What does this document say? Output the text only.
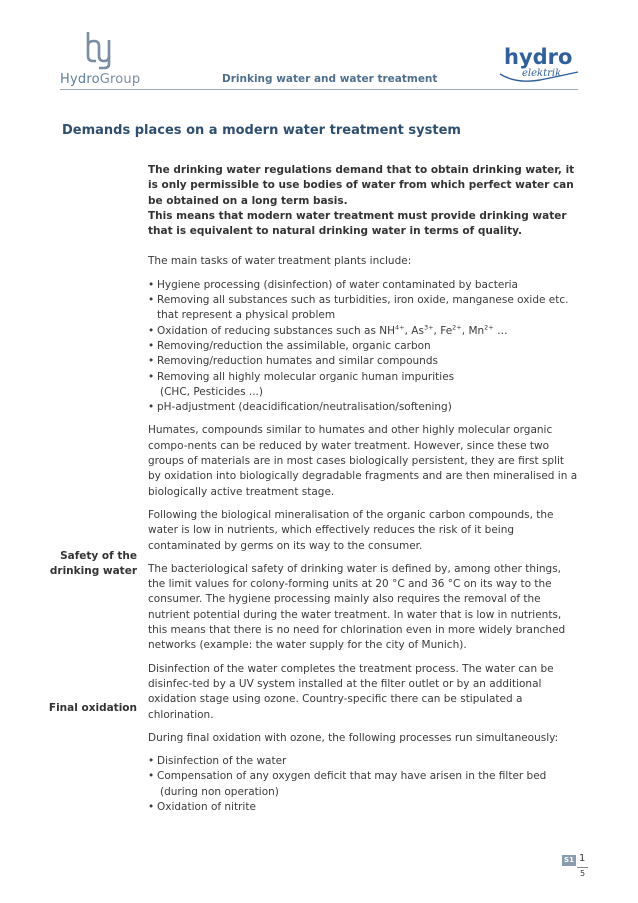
HydroGroup	Drinking water and water treatment
hydro
elektrik
Demands places on a modern water treatment system
The drinking water regulations demand that to obtain drinking water, it is only permissible to use bodies of water from which perfect water can be obtained on a long term basis.
This means that modern water treatment must provide drinking water that is equivalent to natural drinking water in terms of quality.

The main tasks of water treatment plants include:

• Hygiene processing (disinfection) of water contaminated by bacteria
• Removing all substances such as turbidities, iron oxide, manganese oxide etc. that represent a physical problem
• Oxidation of reducing substances such as $NH^{4+}$, $As^{3+}$, $Fe^{2+}$, $Mn^{2+}$ …
• Removing/reduction the assimilable, organic carbon
• Removing/reduction humates and similar compounds
• Removing all highly molecular organic human impurities
(CHC, Pesticides ...)
• pH-adjustment (deacidification/neutralisation/softening)

Humates, compounds similar to humates and other highly molecular organic compo-nents can be reduced by water treatment. However, since these two groups of materials are in most cases biologically persistent, they are first split by oxidation into biologically degradable fragments and are then mineralised in a biologically active treatment stage.

Following the biological mineralisation of the organic carbon compounds, the water is low in nutrients, which effectively reduces the risk of it being contaminated by germs on its way to the consumer.

The bacteriological safety of drinking water is defined by, among other things, the limit values for colony-forming units at 20 °C and 36 °C on its way to the consumer. The hygiene processing mainly also requires the removal of the nutrient potential during the water treatment. In water that is low in nutrients, this means that there is no need for chlorination even in more widely branched networks (example: the water supply for the city of Munich).

Disinfection of the water completes the treatment process. The water can be disinfec-ted by a UV system installed at the filter outlet or by an additional oxidation stage using ozone. Country-specific there can be stipulated a chlorination.

During final oxidation with ozone, the following processes run simultaneously:

• Disinfection of the water
• Compensation of any oxygen deficit that may have arisen in the filter bed
(during non operation)
• Oxidation of nitrite
Safety of the drinking water
Final oxidation
S1 1
5
